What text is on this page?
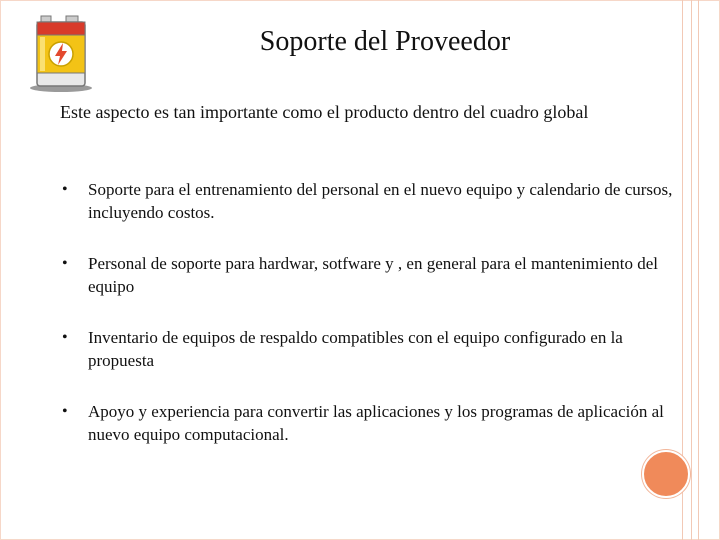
Soporte del Proveedor

Este aspecto es tan importante como el producto dentro del cuadro global

• Soporte para el entrenamiento del personal en el nuevo equipo y calendario de cursos, incluyendo costos.
• Personal de soporte para hardwar, sotfware y , en general para el mantenimiento del equipo
• Inventario de equipos de respaldo compatibles con el equipo configurado en la propuesta
• Apoyo y experiencia para convertir las aplicaciones y los programas de aplicación al nuevo equipo computacional.
